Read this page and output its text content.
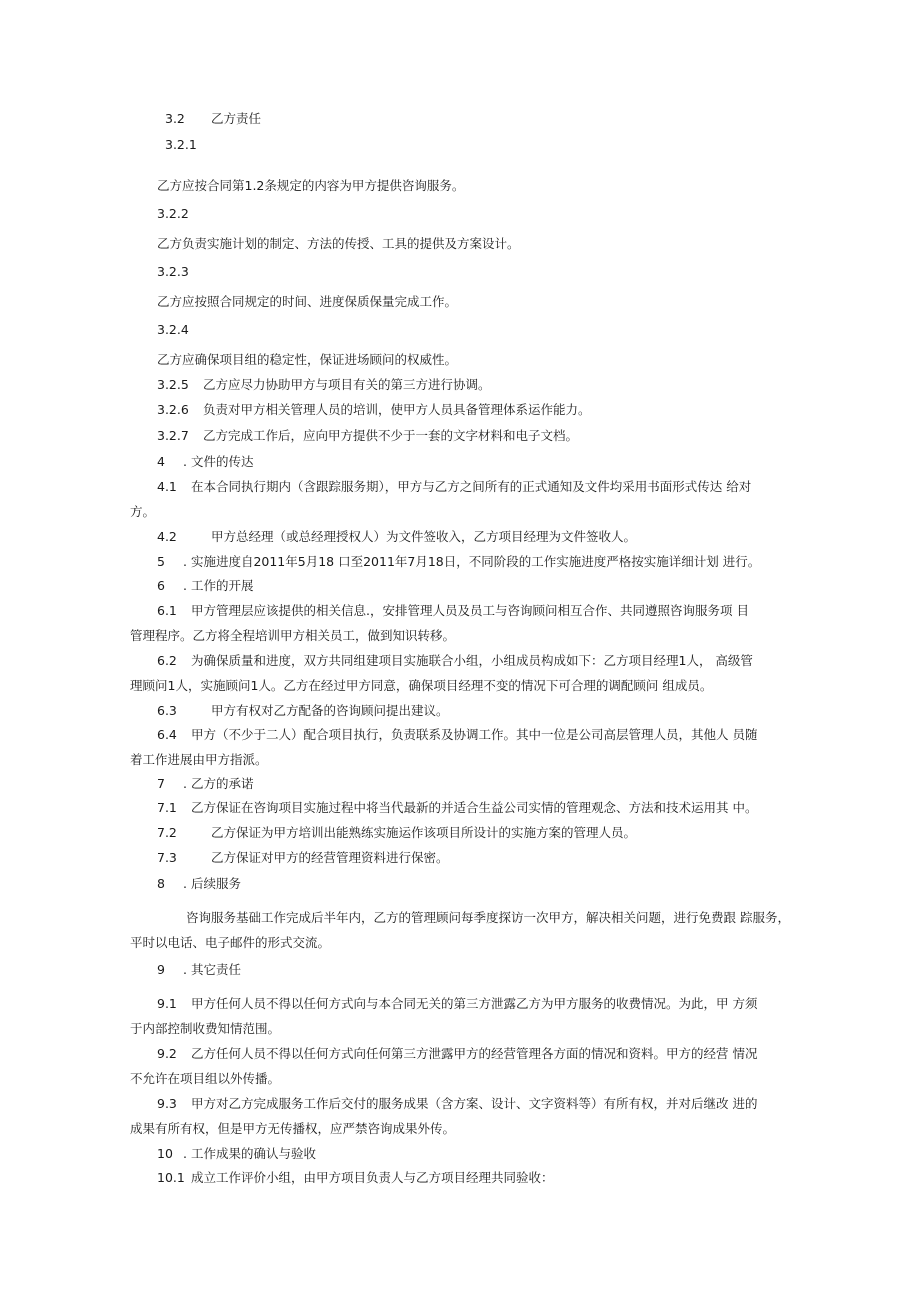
3.2 乙方责任
3.2.1
乙方应按合同第1.2条规定的内容为甲方提供咨询服务。
3.2.2
乙方负责实施计划的制定、方法的传授、工具的提供及方案设计。
3.2.3
乙方应按照合同规定的时间、进度保质保量完成工作。
3.2.4
乙方应确保项目组的稳定性，保证进场顾问的权威性。
3.2.5 乙方应尽力协助甲方与项目有关的第三方进行协调。
3.2.6 负责对甲方相关管理人员的培训，使甲方人员具备管理体系运作能力。
3.2.7 乙方完成工作后，应向甲方提供不少于一套的文字材料和电子文档。
4 . 文件的传达
4.1 在本合同执行期内（含跟踪服务期），甲方与乙方之间所有的正式通知及文件均采用书面形式传达 给对
方。
4.2	甲方总经理（或总经理授权人）为文件签收入，乙方项目经理为文件签收人。
5 . 实施进度自2011年5月18 口至2011年7月18日，不同阶段的工作实施进度严格按实施详细计划 进行。
6 . 工作的开展
6.1 甲方管理层应该提供的相关信息.，安排管理人员及员工与咨询顾问相互合作、共同遵照咨询服务项 目
管理程序。乙方将全程培训甲方相关员工，做到知识转移。
6.2 为确保质量和进度，双方共同组建项目实施联合小组，小组成员构成如下：乙方项目经理1人， 高级管
理顾问1人，实施顾问1人。乙方在经过甲方同意，确保项目经理不变的情况下可合理的调配顾问 组成员。
6.3	甲方有权对乙方配备的咨询顾问提出建议。
6.4 甲方（不少于二人）配合项目执行，负责联系及协调工作。其中一位是公司高层管理人员，其他人 员随
着工作进展由甲方指派。
7 . 乙方的承诺
7.1 乙方保证在咨询项目实施过程中将当代最新的并适合生益公司实情的管理观念、方法和技术运用其 中。
7.2	乙方保证为甲方培训出能熟练实施运作该项目所设计的实施方案的管理人员。
7.3	乙方保证对甲方的经营管理资料进行保密。
8 . 后续服务
咨询服务基础工作完成后半年内，乙方的管理顾问每季度探访一次甲方，解决相关问题，进行免费跟 踪服务，
平时以电话、电子邮件的形式交流。
9 . 其它责任
9.1 甲方任何人员不得以任何方式向与本合同无关的第三方泄露乙方为甲方服务的收费情况。为此，甲 方须
于内部控制收费知情范围。
9.2 乙方任何人员不得以任何方式向任何第三方泄露甲方的经营管理各方面的情况和资料。甲方的经营 情况
不允许在项目组以外传播。
9.3 甲方对乙方完成服务工作后交付的服务成果（含方案、设计、文字资料等）有所有权，并对后继改 进的
成果有所有权，但是甲方无传播权，应严禁咨询成果外传。
10 . 工作成果的确认与验收
10.1 成立工作评价小组，由甲方项目负责人与乙方项目经理共同验收：
